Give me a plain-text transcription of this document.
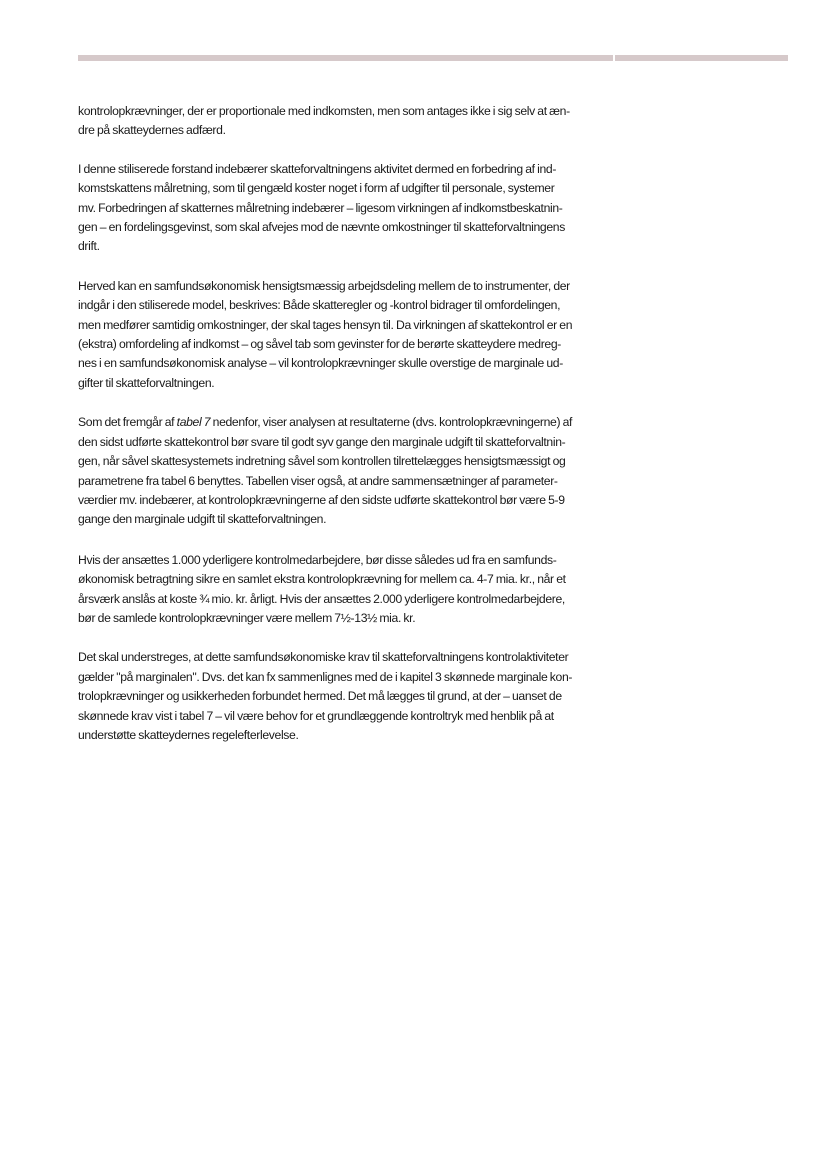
kontrolopkrævninger, der er proportionale med indkomsten, men som antages ikke i sig selv at æn-
dre på skatteydernes adfærd.

I denne stiliserede forstand indebærer skatteforvaltningens aktivitet dermed en forbedring af ind-
komstskattens målretning, som til gengæld koster noget i form af udgifter til personale, systemer
mv. Forbedringen af skatternes målretning indebærer – ligesom virkningen af indkomstbeskatnin-
gen – en fordelingsgevinst, som skal afvejes mod de nævnte omkostninger til skatteforvaltningens
drift.

Herved kan en samfundsøkonomisk hensigtsmæssig arbejdsdeling mellem de to instrumenter, der
indgår i den stiliserede model, beskrives: Både skatteregler og -kontrol bidrager til omfordelingen,
men medfører samtidig omkostninger, der skal tages hensyn til. Da virkningen af skattekontrol er en
(ekstra) omfordeling af indkomst – og såvel tab som gevinster for de berørte skatteydere medreg-
nes i en samfundsøkonomisk analyse – vil kontrolopkrævninger skulle overstige de marginale ud-
gifter til skatteforvaltningen.

Som det fremgår af tabel 7 nedenfor, viser analysen at resultaterne (dvs. kontrolopkrævningerne) af
den sidst udførte skattekontrol bør svare til godt syv gange den marginale udgift til skatteforvaltnin-
gen, når såvel skattesystemets indretning såvel som kontrollen tilrettelægges hensigtsmæssigt og
parametrene fra tabel 6 benyttes. Tabellen viser også, at andre sammensætninger af parameter-
værdier mv. indebærer, at kontrolopkrævningerne af den sidste udførte skattekontrol bør være 5-9
gange den marginale udgift til skatteforvaltningen.

Hvis der ansættes 1.000 yderligere kontrolmedarbejdere, bør disse således ud fra en samfunds-
økonomisk betragtning sikre en samlet ekstra kontrolopkrævning for mellem ca. 4-7 mia. kr., når et
årsværk anslås at koste ¾ mio. kr. årligt. Hvis der ansættes 2.000 yderligere kontrolmedarbejdere,
bør de samlede kontrolopkrævninger være mellem 7½-13½ mia. kr.

Det skal understreges, at dette samfundsøkonomiske krav til skatteforvaltningens kontrolaktiviteter
gælder "på marginalen". Dvs. det kan fx sammenlignes med de i kapitel 3 skønnede marginale kon-
trolopkrævninger og usikkerheden forbundet hermed. Det må lægges til grund, at der – uanset de
skønnede krav vist i tabel 7 – vil være behov for et grundlæggende kontroltryk med henblik på at
understøtte skatteydernes regelefterlevelse.
